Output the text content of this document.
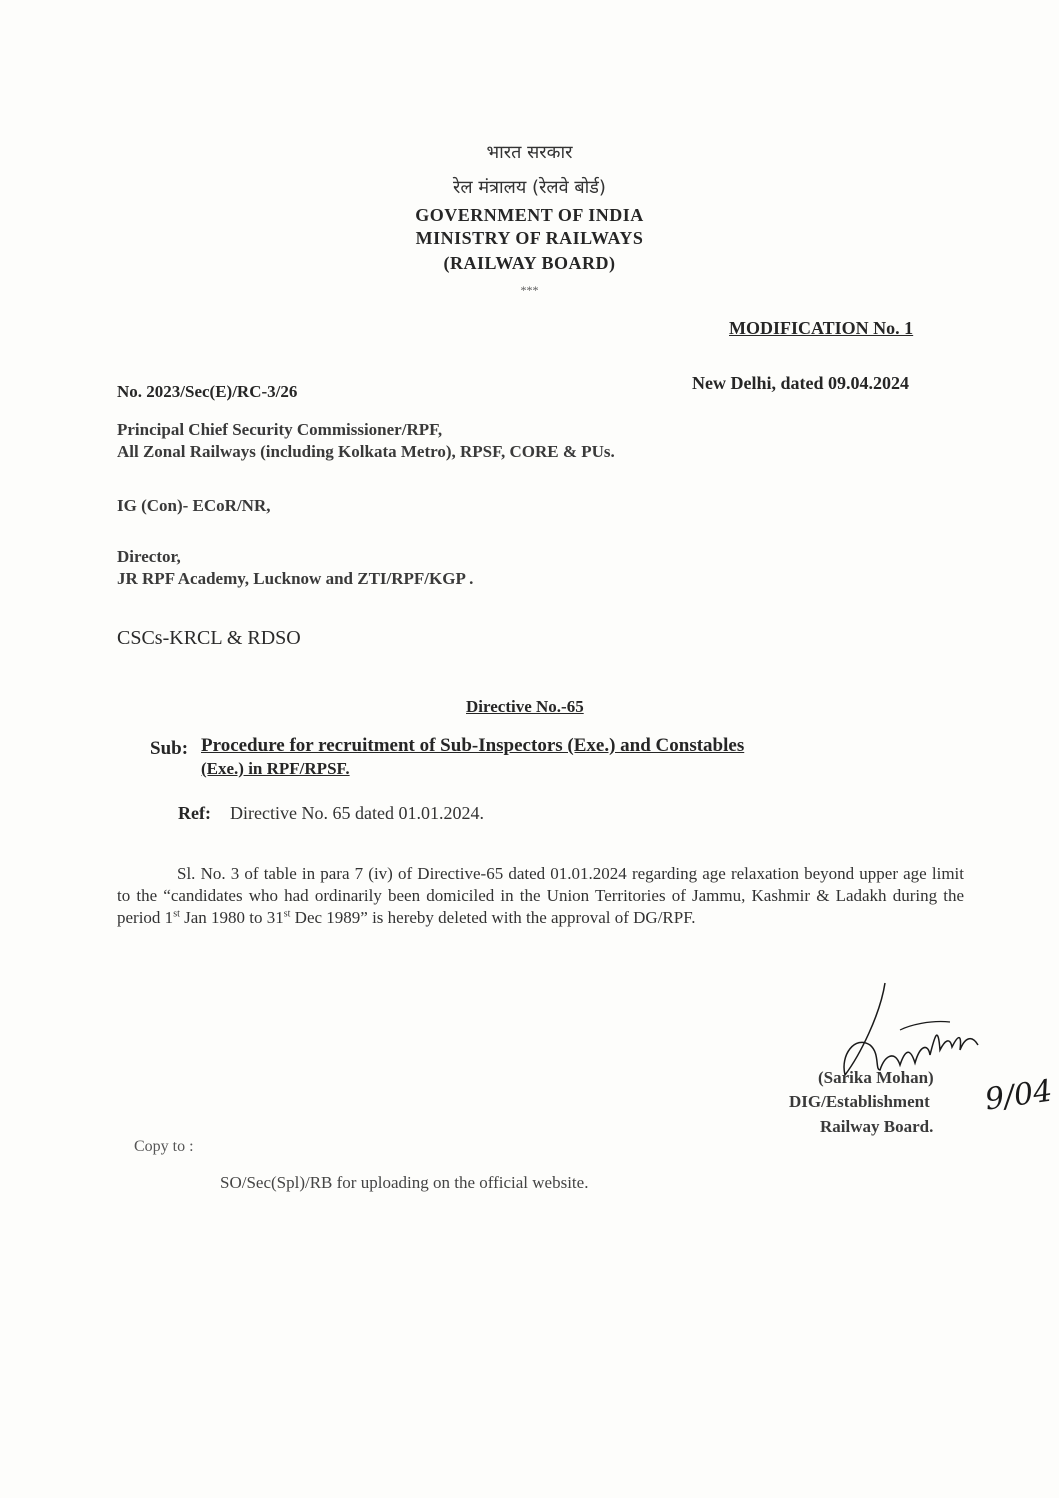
भारत सरकार
रेल मंत्रालय (रेलवे बोर्ड)
GOVERNMENT OF INDIA
MINISTRY OF RAILWAYS
(RAILWAY BOARD)
***
MODIFICATION No. 1
No. 2023/Sec(E)/RC-3/26	New Delhi, dated 09.04.2024
Principal Chief Security Commissioner/RPF,
All Zonal Railways (including Kolkata Metro), RPSF, CORE & PUs.
IG (Con)- ECoR/NR,
Director,
JR RPF Academy, Lucknow and ZTI/RPF/KGP .
CSCs-KRCL & RDSO
Directive No.-65
Sub: Procedure for recruitment of Sub-Inspectors (Exe.) and Constables
(Exe.) in RPF/RPSF.
Ref: Directive No. 65 dated 01.01.2024.
Sl. No. 3 of table in para 7 (iv) of Directive-65 dated 01.01.2024 regarding age relaxation beyond upper age limit to the “candidates who had ordinarily been domiciled in the Union Territories of Jammu, Kashmir & Ladakh during the period 1st Jan 1980 to 31st Dec 1989” is hereby deleted with the approval of DG/RPF.
9/04
(Sarika Mohan)
DIG/Establishment
Railway Board.
Copy to :
SO/Sec(Spl)/RB for uploading on the official website.
